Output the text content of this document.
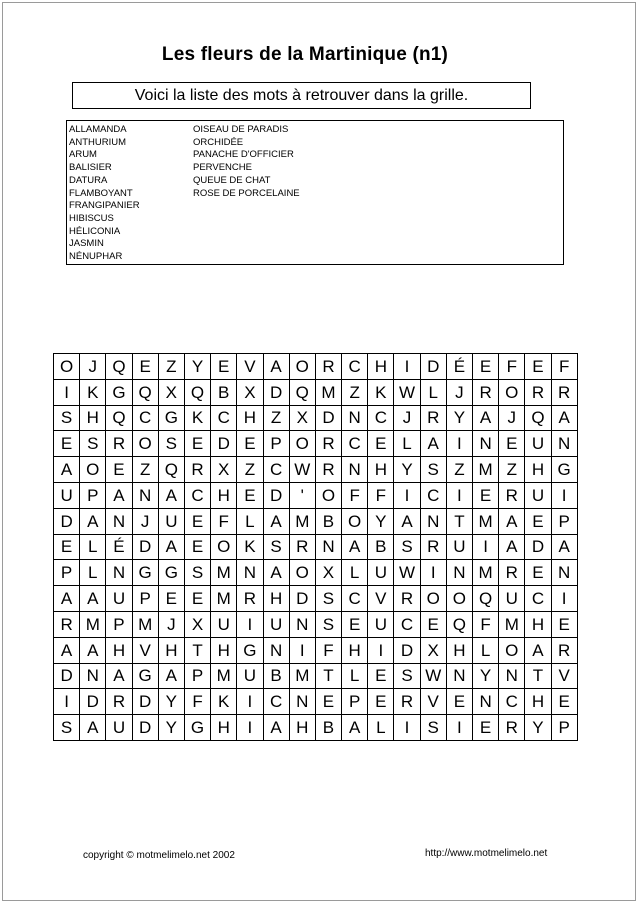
Les fleurs de la Martinique (n1)
Voici la liste des mots à retrouver dans la grille.
ALLAMANDA
ANTHURIUM
ARUM
BALISIER
DATURA
FLAMBOYANT
FRANGIPANIER
HIBISCUS
HÉLICONIA
JASMIN
NÉNUPHAR
OISEAU DE PARADIS
ORCHIDÉE
PANACHE D'OFFICIER
PERVENCHE
QUEUE DE CHAT
ROSE DE PORCELAINE
O J Q E Z Y E V A O R C H	I	D É E F E F
I	K G Q X Q B X D Q M Z K W L	J R O R R
S H Q C G K C H Z X D N C J R Y A J Q A
E S R O S E D E P O R C E L A	I	N E U N
A O E Z Q R X Z C W R N H Y S Z M Z H G
U P A N A C H E D	'	O F F	I	C	I	E R U	I
D A N J U E F L A M B O Y A N T M A E P
E L É D A E O K S R N A B S R U	I	A D A
P L N G G S M N A O X L U W I	N M R E N
A A U P E E M R H D S C V R O O Q U C	I
R M P M J X U	I	U N S E U C E Q F M H E
A A H V H T H G N	I	F H	I	D X H L O A R
D N A G A P M U B M T L E S W N Y N T V
I	D R D Y F K	I	C N E P E R V E N C H E
S A U D Y G H	I	A H B A L	I	S	I	E R Y P
copyright © motmelimelo.net 2002	http://www.motmelimelo.net
